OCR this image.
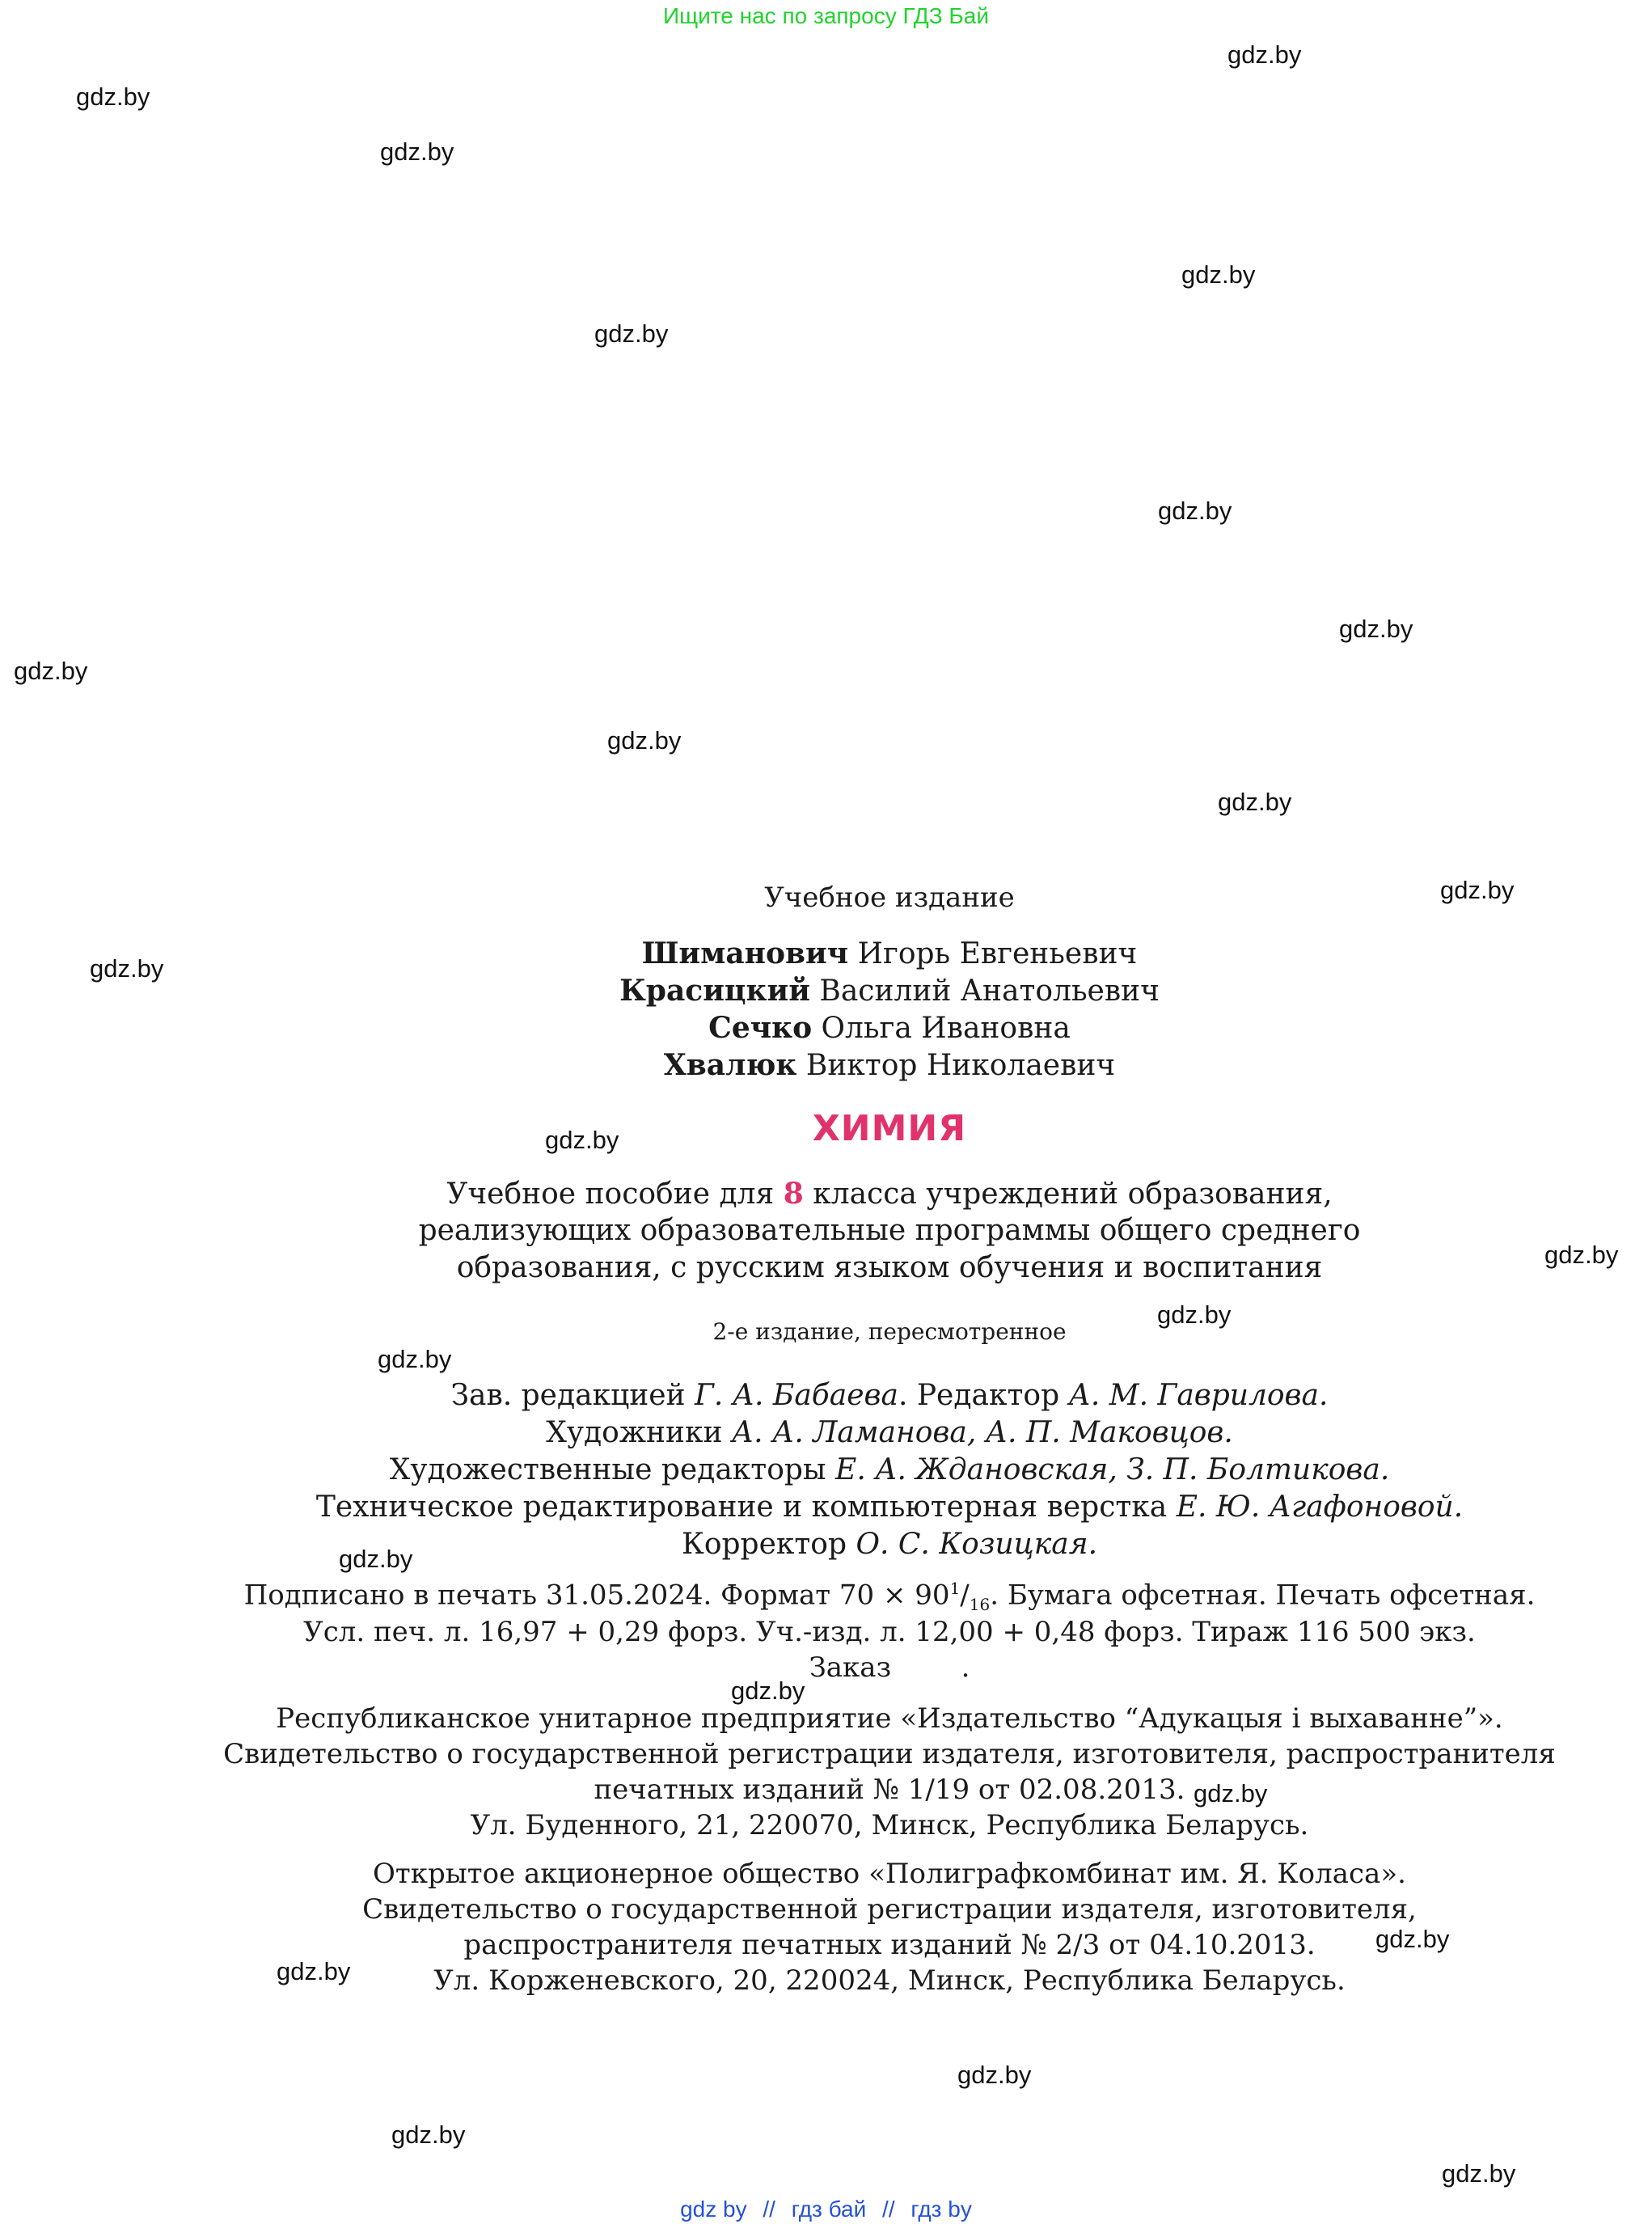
Ищите нас по запросу ГДЗ Бай
gdz.by
gdz.by
gdz.by
gdz.by
gdz.by
gdz.by
gdz.by
gdz.by
gdz.by
gdz.by
gdz.by
gdz.by
gdz.by
gdz.by
gdz.by
gdz.by
gdz.by
gdz.by
gdz.by
gdz.by
gdz.by
gdz.by
gdz.by
gdz.by
Учебное издание
Шиманович Игорь Евгеньевич
Красицкий Василий Анатольевич
Сечко Ольга Ивановна
Хвалюк Виктор Николаевич
ХИМИЯ
Учебное пособие для 8 класса учреждений образования,
реализующих образовательные программы общего среднего
образования, с русским языком обучения и воспитания
2-е издание, пересмотренное
Зав. редакцией Г. А. Бабаева. Редактор А. М. Гаврилова.
Художники А. А. Ламанова, А. П. Маковцов.
Художественные редакторы Е. А. Ждановская, З. П. Болтикова.
Техническое редактирование и компьютерная верстка Е. Ю. Агафоновой.
Корректор О. С. Козицкая.
Подписано в печать 31.05.2024. Формат $70 \times 90^1/_{16}$. Бумага офсетная. Печать офсетная.
Усл. печ. л. 16,97 + 0,29 форз. Уч.-изд. л. 12,00 + 0,48 форз. Тираж 116 500 экз.
Заказ        .
Республиканское унитарное предприятие «Издательство “Адукацыя і выхаванне”».
Свидетельство о государственной регистрации издателя, изготовителя, распространителя
печатных изданий № 1/19 от 02.08.2013.
Ул. Буденного, 21, 220070, Минск, Республика Беларусь.
Открытое акционерное общество «Полиграфкомбинат им. Я. Коласа».
Свидетельство о государственной регистрации издателя, изготовителя,
распространителя печатных изданий № 2/3 от 04.10.2013.
Ул. Корженевского, 20, 220024, Минск, Республика Беларусь.
gdz by // гдз бай // гдз by
